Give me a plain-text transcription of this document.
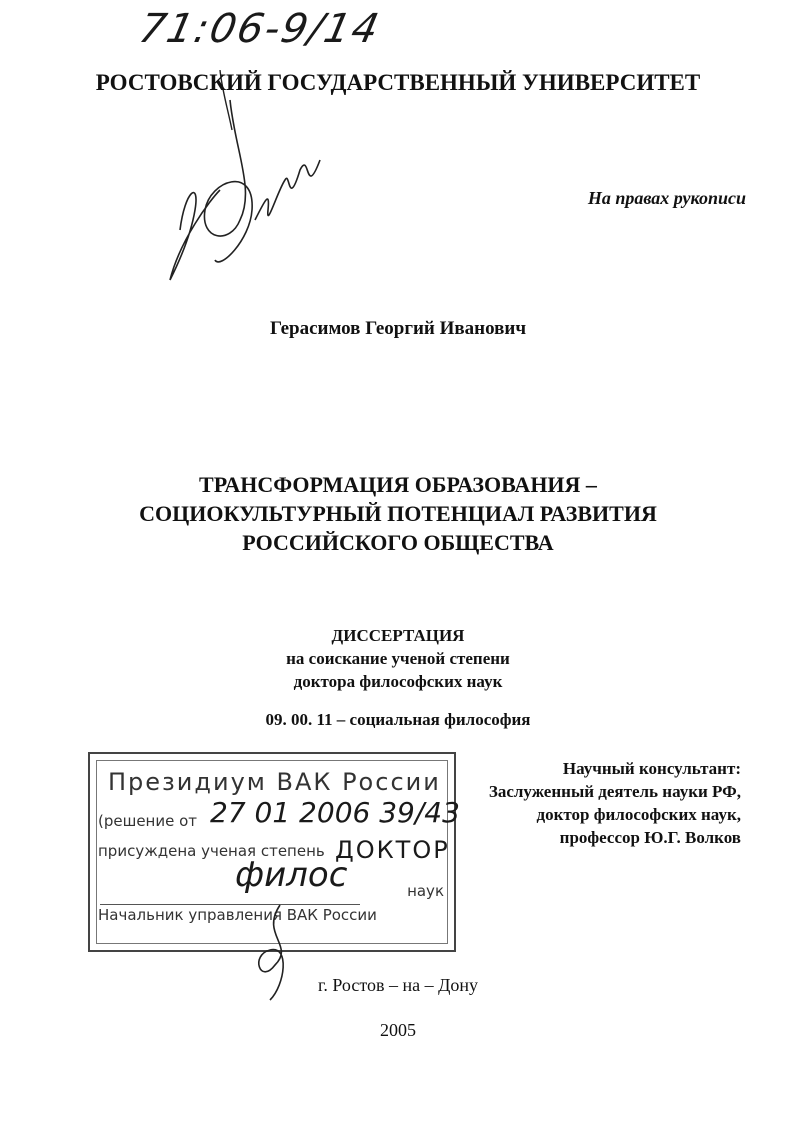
71:06-9/14
РОСТОВСКИЙ ГОСУДАРСТВЕННЫЙ УНИВЕРСИТЕТ
На правах рукописи
Герасимов Георгий Иванович
ТРАНСФОРМАЦИЯ ОБРАЗОВАНИЯ –
СОЦИОКУЛЬТУРНЫЙ ПОТЕНЦИАЛ РАЗВИТИЯ
РОССИЙСКОГО ОБЩЕСТВА
ДИССЕРТАЦИЯ
на соискание ученой степени
доктора философских наук
09. 00. 11 – социальная философия
Научный консультант:
Заслуженный деятель науки РФ,
доктор философских наук,
профессор Ю.Г. Волков
Президиум ВАК России
(решение от
присуждена ученая степень
наук
Начальник управления ВАК России
27 01 2006 39/43
ДОКТОР
филос
г. Ростов – на – Дону
2005
